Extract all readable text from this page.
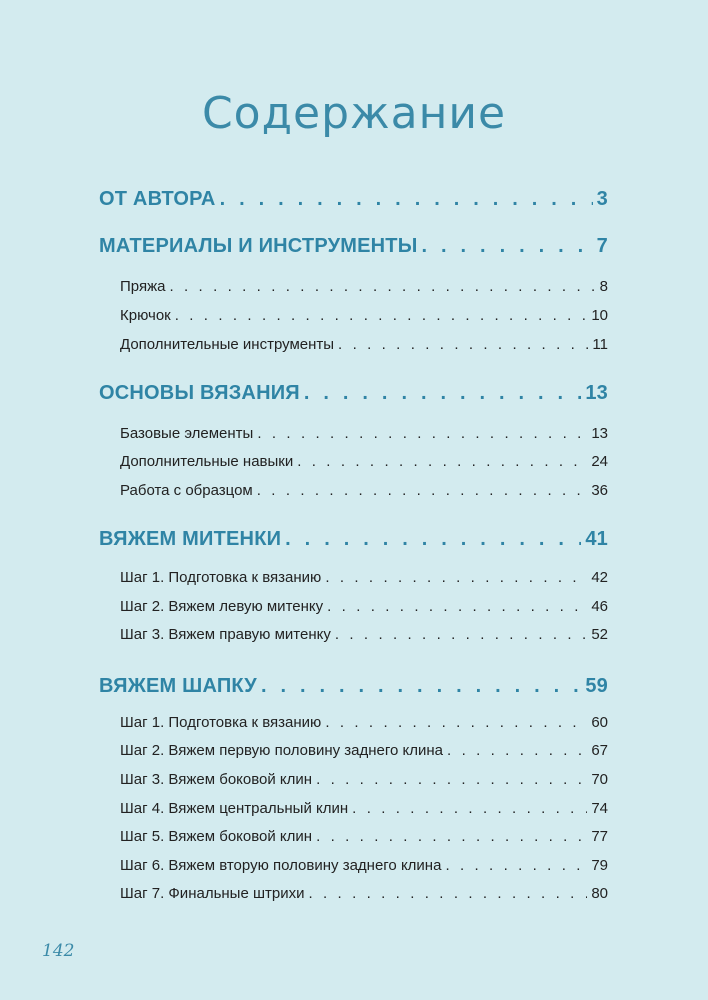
Содержание
ОТ АВТОРА . . .	3
МАТЕРИАЛЫ И ИНСТРУМЕНТЫ . . .	7
Пряжа . . .	8
Крючок . . .	10
Дополнительные инструменты . . .	11
ОСНОВЫ ВЯЗАНИЯ . . .	13
Базовые элементы . . .	13
Дополнительные навыки . . .	24
Работа с образцом . . .	36
ВЯЖЕМ МИТЕНКИ . . .	41
Шаг 1. Подготовка к вязанию . . .	42
Шаг 2. Вяжем левую митенку . . .	46
Шаг 3. Вяжем правую митенку . . .	52
ВЯЖЕМ ШАПКУ . . .	59
Шаг 1. Подготовка к вязанию . . .	60
Шаг 2. Вяжем первую половину заднего клина . . .	67
Шаг 3. Вяжем боковой клин . . .	70
Шаг 4. Вяжем центральный клин . . .	74
Шаг 5. Вяжем боковой клин . . .	77
Шаг 6. Вяжем вторую половину заднего клина . . .	79
Шаг 7. Финальные штрихи . . .	80
142
